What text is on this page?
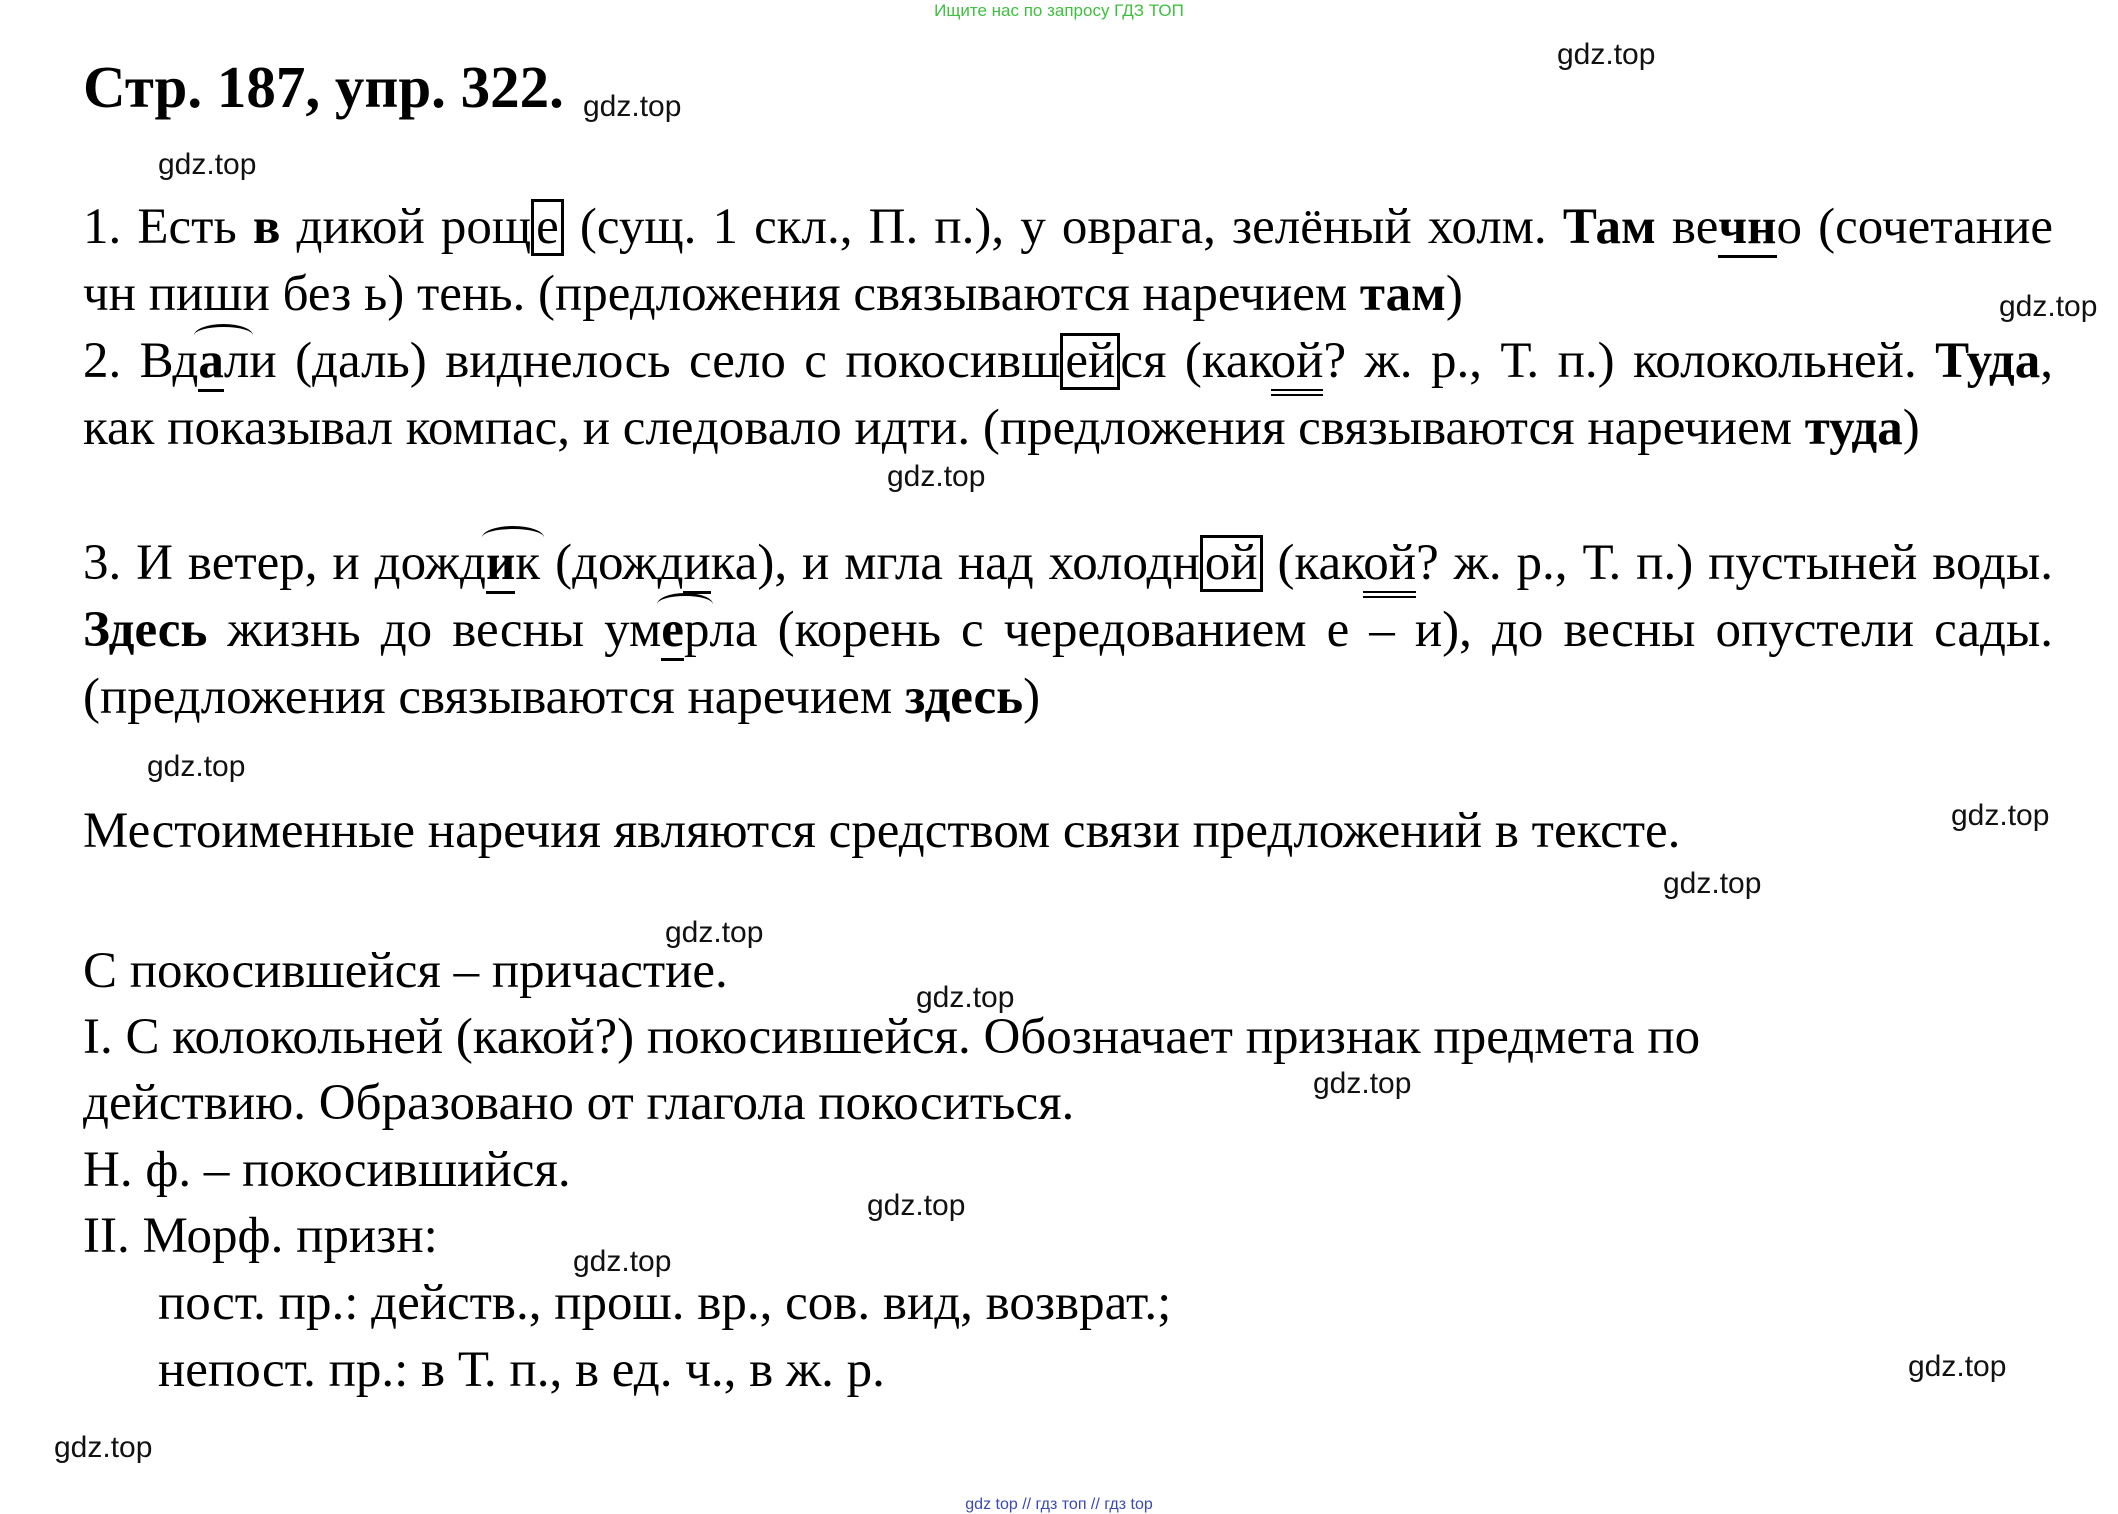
Ищите нас по запросу ГДЗ ТОП
Стр. 187, упр. 322.
1. Есть в дикой роще (сущ. 1 скл., П. п.), у оврага, зелёный холм. Там вечно (сочетание чн пиши без ь) тень. (предложения связываются наречием там)
2. Вдали (даль) виднелось село с покосившейся (какой? ж. р., Т. п.) колокольней. Туда, как показывал компас, и следовало идти. (предложения связываются наречием туда)
3. И ветер, и дождик (дождика), и мгла над холодной (какой? ж. р., Т. п.) пустыней воды. Здесь жизнь до весны умерла (корень с чередованием е – и), до весны опустели сады. (предложения связываются наречием здесь)
Местоименные наречия являются средством связи предложений в тексте.
С покосившейся – причастие.
I. С колокольней (какой?) покосившейся. Обозначает признак предмета по
действию. Образовано от глагола покоситься.
Н. ф. – покосившийся.
II. Морф. призн:
пост. пр.: действ., прош. вр., сов. вид, возврат.;
непост. пр.: в Т. п., в ед. ч., в ж. р.
gdz.top
gdz.top
gdz.top
gdz.top
gdz.top
gdz.top
gdz.top
gdz.top
gdz.top
gdz.top
gdz.top
gdz.top
gdz.top
gdz.top
gdz.top
gdz top // гдз топ // гдз top
